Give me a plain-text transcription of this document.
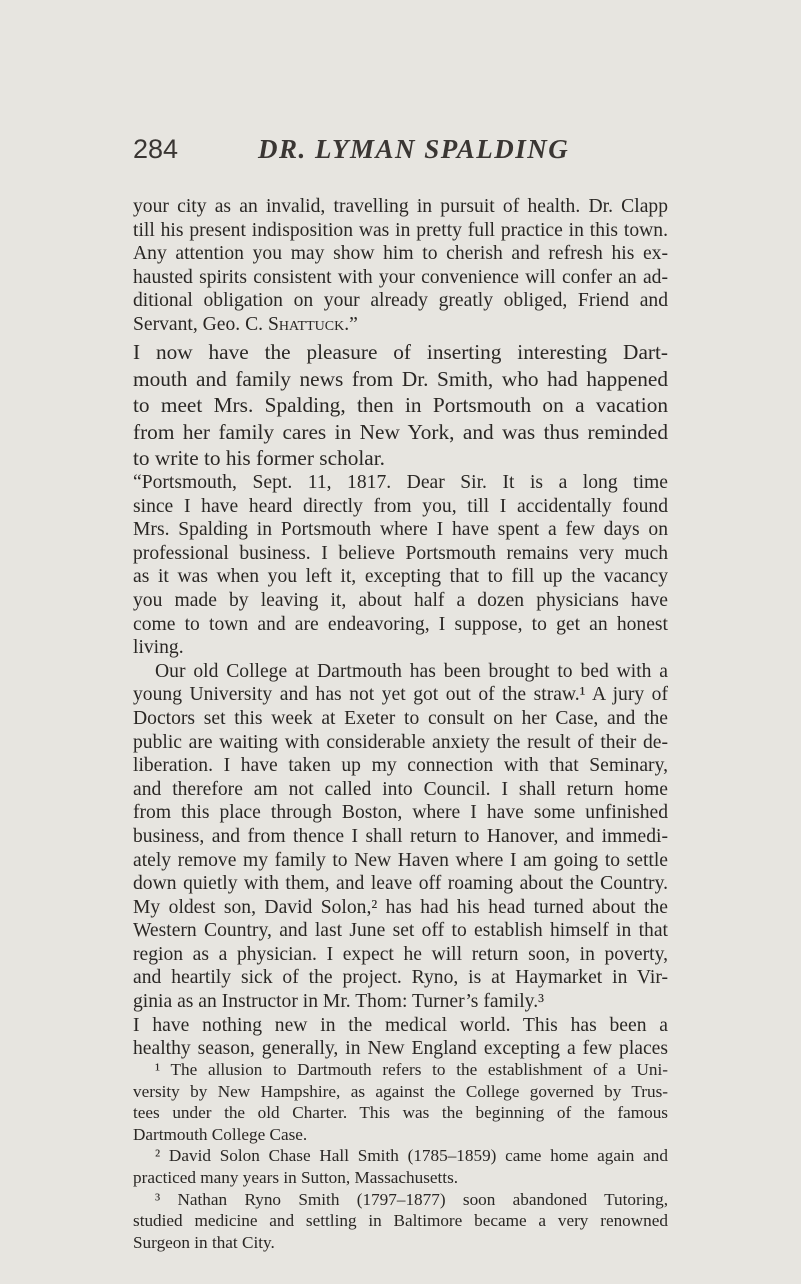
284	DR. LYMAN SPALDING
your city as an invalid, travelling in pursuit of health. Dr. Clapp
till his present indisposition was in pretty full practice in this town.
Any attention you may show him to cherish and refresh his ex-
hausted spirits consistent with your convenience will confer an ad-
ditional obligation on your already greatly obliged, Friend and
Servant, Geo. C. Shattuck.”
I now have the pleasure of inserting interesting Dart-
mouth and family news from Dr. Smith, who had happened
to meet Mrs. Spalding, then in Portsmouth on a vacation
from her family cares in New York, and was thus reminded
to write to his former scholar.
“Portsmouth, Sept. 11, 1817. Dear Sir. It is a long time
since I have heard directly from you, till I accidentally found
Mrs. Spalding in Portsmouth where I have spent a few days on
professional business. I believe Portsmouth remains very much
as it was when you left it, excepting that to fill up the vacancy
you made by leaving it, about half a dozen physicians have
come to town and are endeavoring, I suppose, to get an honest
living.
Our old College at Dartmouth has been brought to bed with a
young University and has not yet got out of the straw.¹ A jury of
Doctors set this week at Exeter to consult on her Case, and the
public are waiting with considerable anxiety the result of their de-
liberation. I have taken up my connection with that Seminary,
and therefore am not called into Council. I shall return home
from this place through Boston, where I have some unfinished
business, and from thence I shall return to Hanover, and immedi-
ately remove my family to New Haven where I am going to settle
down quietly with them, and leave off roaming about the Country.
My oldest son, David Solon,² has had his head turned about the
Western Country, and last June set off to establish himself in that
region as a physician. I expect he will return soon, in poverty,
and heartily sick of the project. Ryno, is at Haymarket in Vir-
ginia as an Instructor in Mr. Thom: Turner’s family.³
I have nothing new in the medical world. This has been a
healthy season, generally, in New England excepting a few places
¹ The allusion to Dartmouth refers to the establishment of a Uni-
versity by New Hampshire, as against the College governed by Trus-
tees under the old Charter. This was the beginning of the famous
Dartmouth College Case.
² David Solon Chase Hall Smith (1785–1859) came home again and
practiced many years in Sutton, Massachusetts.
³ Nathan Ryno Smith (1797–1877) soon abandoned Tutoring,
studied medicine and settling in Baltimore became a very renowned
Surgeon in that City.
